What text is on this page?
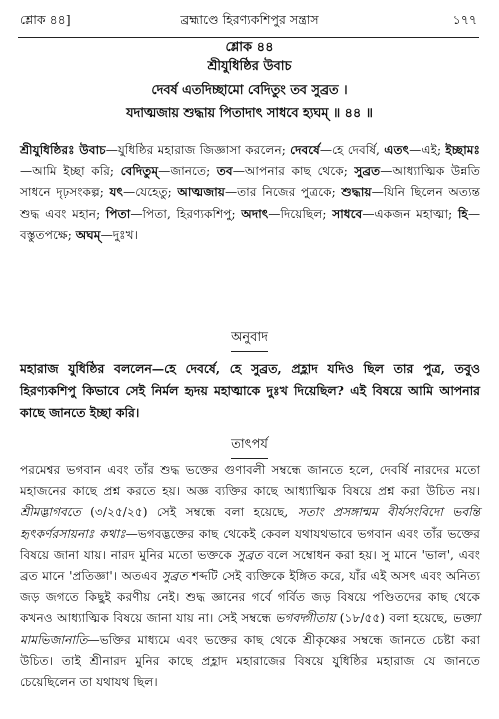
শ্লোক ৪৪]	ব্রহ্মাণ্ডে হিরণ্যকশিপুর সন্ত্রাস	১৭৭
শ্লোক ৪৪
শ্রীযুধিষ্ঠির উবাচ
দেবর্ষ এতদিচ্ছামো বেদিতুং তব সুব্রত ।
যদাত্মজায় শুদ্ধায় পিতাদাৎ সাধবে হ্যঘম্ ॥ ৪৪ ॥
শ্রীযুধিষ্ঠিরঃ উবাচ—যুধিষ্ঠির মহারাজ জিজ্ঞাসা করলেন; দেবর্ষে—হে দেবর্ষি, এতৎ—এই; ইচ্ছামঃ—আমি ইচ্ছা করি; বেদিতুম্—জানতে; তব—আপনার কাছ থেকে; সুব্রত—আধ্যাত্মিক উন্নতি সাধনে দৃঢ়সংকল্প; যৎ—যেহেতু; আত্মজায়—তার নিজের পুত্রকে; শুদ্ধায়—যিনি ছিলেন অত্যন্ত শুদ্ধ এবং মহান; পিতা—পিতা, হিরণ্যকশিপু; অদাৎ—দিয়েছিল; সাধবে—একজন মহাত্মা; হি—বস্তুতপক্ষে; অঘম্—দুঃখ।
অনুবাদ
মহারাজ যুধিষ্ঠির বললেন—হে দেবর্ষে, হে সুব্রত, প্রহ্লাদ যদিও ছিল তার পুত্র, তবুও হিরণ্যকশিপু কিভাবে সেই নির্মল হৃদয় মহাত্মাকে দুঃখ দিয়েছিল? এই বিষয়ে আমি আপনার কাছে জানতে ইচ্ছা করি।
তাৎপর্য
পরমেশ্বর ভগবান এবং তাঁর শুদ্ধ ভক্তের গুণাবলী সম্বন্ধে জানতে হলে, দেবর্ষি নারদের মতো মহাজনের কাছে প্রশ্ন করতে হয়। অজ্ঞ ব্যক্তির কাছে আধ্যাত্মিক বিষয়ে প্রশ্ন করা উচিত নয়। শ্রীমদ্ভাগবতে (৩/২৫/২৫) সেই সম্বন্ধে বলা হয়েছে, সতাং প্রসঙ্গান্মম বীর্যসংবিদো ভবন্তি হৃৎকর্ণরসায়নাঃ কথাঃ—ভগবদ্ভক্তের কাছ থেকেই কেবল যথাযথভাবে ভগবান এবং তাঁর ভক্তের বিষয়ে জানা যায়। নারদ মুনির মতো ভক্তকে সুব্রত বলে সম্বোধন করা হয়। সু মানে 'ভাল', এবং ব্রত মানে 'প্রতিজ্ঞা'। অতএব সুব্রত শব্দটি সেই ব্যক্তিকে ইঙ্গিত করে, যাঁর এই অসৎ এবং অনিত্য জড় জগতে কিছুই করণীয় নেই। শুদ্ধ জ্ঞানের গর্বে গর্বিত জড় বিষয়ে পণ্ডিতদের কাছ থেকে কখনও আধ্যাত্মিক বিষয়ে জানা যায় না। সেই সম্বন্ধে ভগবদ্গীতায় (১৮/৫৫) বলা হয়েছে, ভক্ত্যা মামভিজানাতি—ভক্তির মাধ্যমে এবং ভক্তের কাছ থেকে শ্রীকৃষ্ণের সম্বন্ধে জানতে চেষ্টা করা উচিত। তাই শ্রীনারদ মুনির কাছে প্রহ্লাদ মহারাজের বিষয়ে যুধিষ্ঠির মহারাজ যে জানতে চেয়েছিলেন তা যথাযথ ছিল।
